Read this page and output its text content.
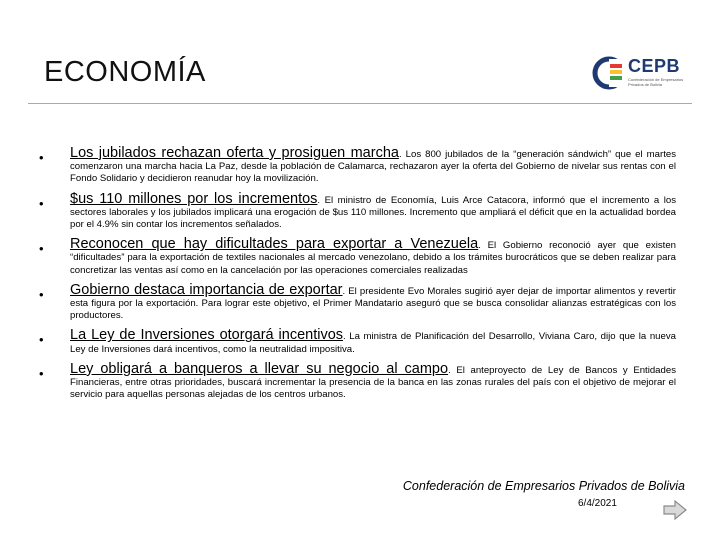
ECONOMÍA	CEPB
Confederación de Empresarios Privados de Bolivia
• Los jubilados rechazan oferta y prosiguen marcha. Los 800 jubilados de la “generación sándwich” que el martes comenzaron una marcha hacia La Paz, desde la población de Calamarca, rechazaron ayer la oferta del Gobierno de nivelar sus rentas con el Fondo Solidario y decidieron reanudar hoy la movilización.
• $us 110 millones por los incrementos. El ministro de Economía, Luis Arce Catacora, informó que el incremento a los sectores laborales y los jubilados implicará una erogación de $us 110 millones. Incremento que ampliará el déficit que en la actualidad bordea por el 4.9% sin contar los incrementos señalados.
• Reconocen que hay dificultades para exportar a Venezuela. El Gobierno reconoció ayer que existen “dificultades” para la exportación de textiles nacionales al mercado venezolano, debido a los trámites burocráticos que se deben realizar para concretizar las ventas así como en la cancelación por las operaciones comerciales realizadas
• Gobierno destaca importancia de exportar. El presidente Evo Morales sugirió ayer dejar de importar alimentos y revertir esta figura por la exportación. Para lograr este objetivo, el Primer Mandatario aseguró que se busca consolidar alianzas estratégicas con los productores.
• La Ley de Inversiones otorgará incentivos. La ministra de Planificación del Desarrollo, Viviana Caro, dijo que la nueva Ley de Inversiones dará incentivos, como la neutralidad impositiva.
• Ley obligará a banqueros a llevar su negocio al campo. El anteproyecto de Ley de Bancos y Entidades Financieras, entre otras prioridades, buscará incrementar la presencia de la banca en las zonas rurales del país con el objetivo de mejorar el servicio para aquellas personas alejadas de los centros urbanos.
Confederación de Empresarios Privados de Bolivia
6/4/2021
